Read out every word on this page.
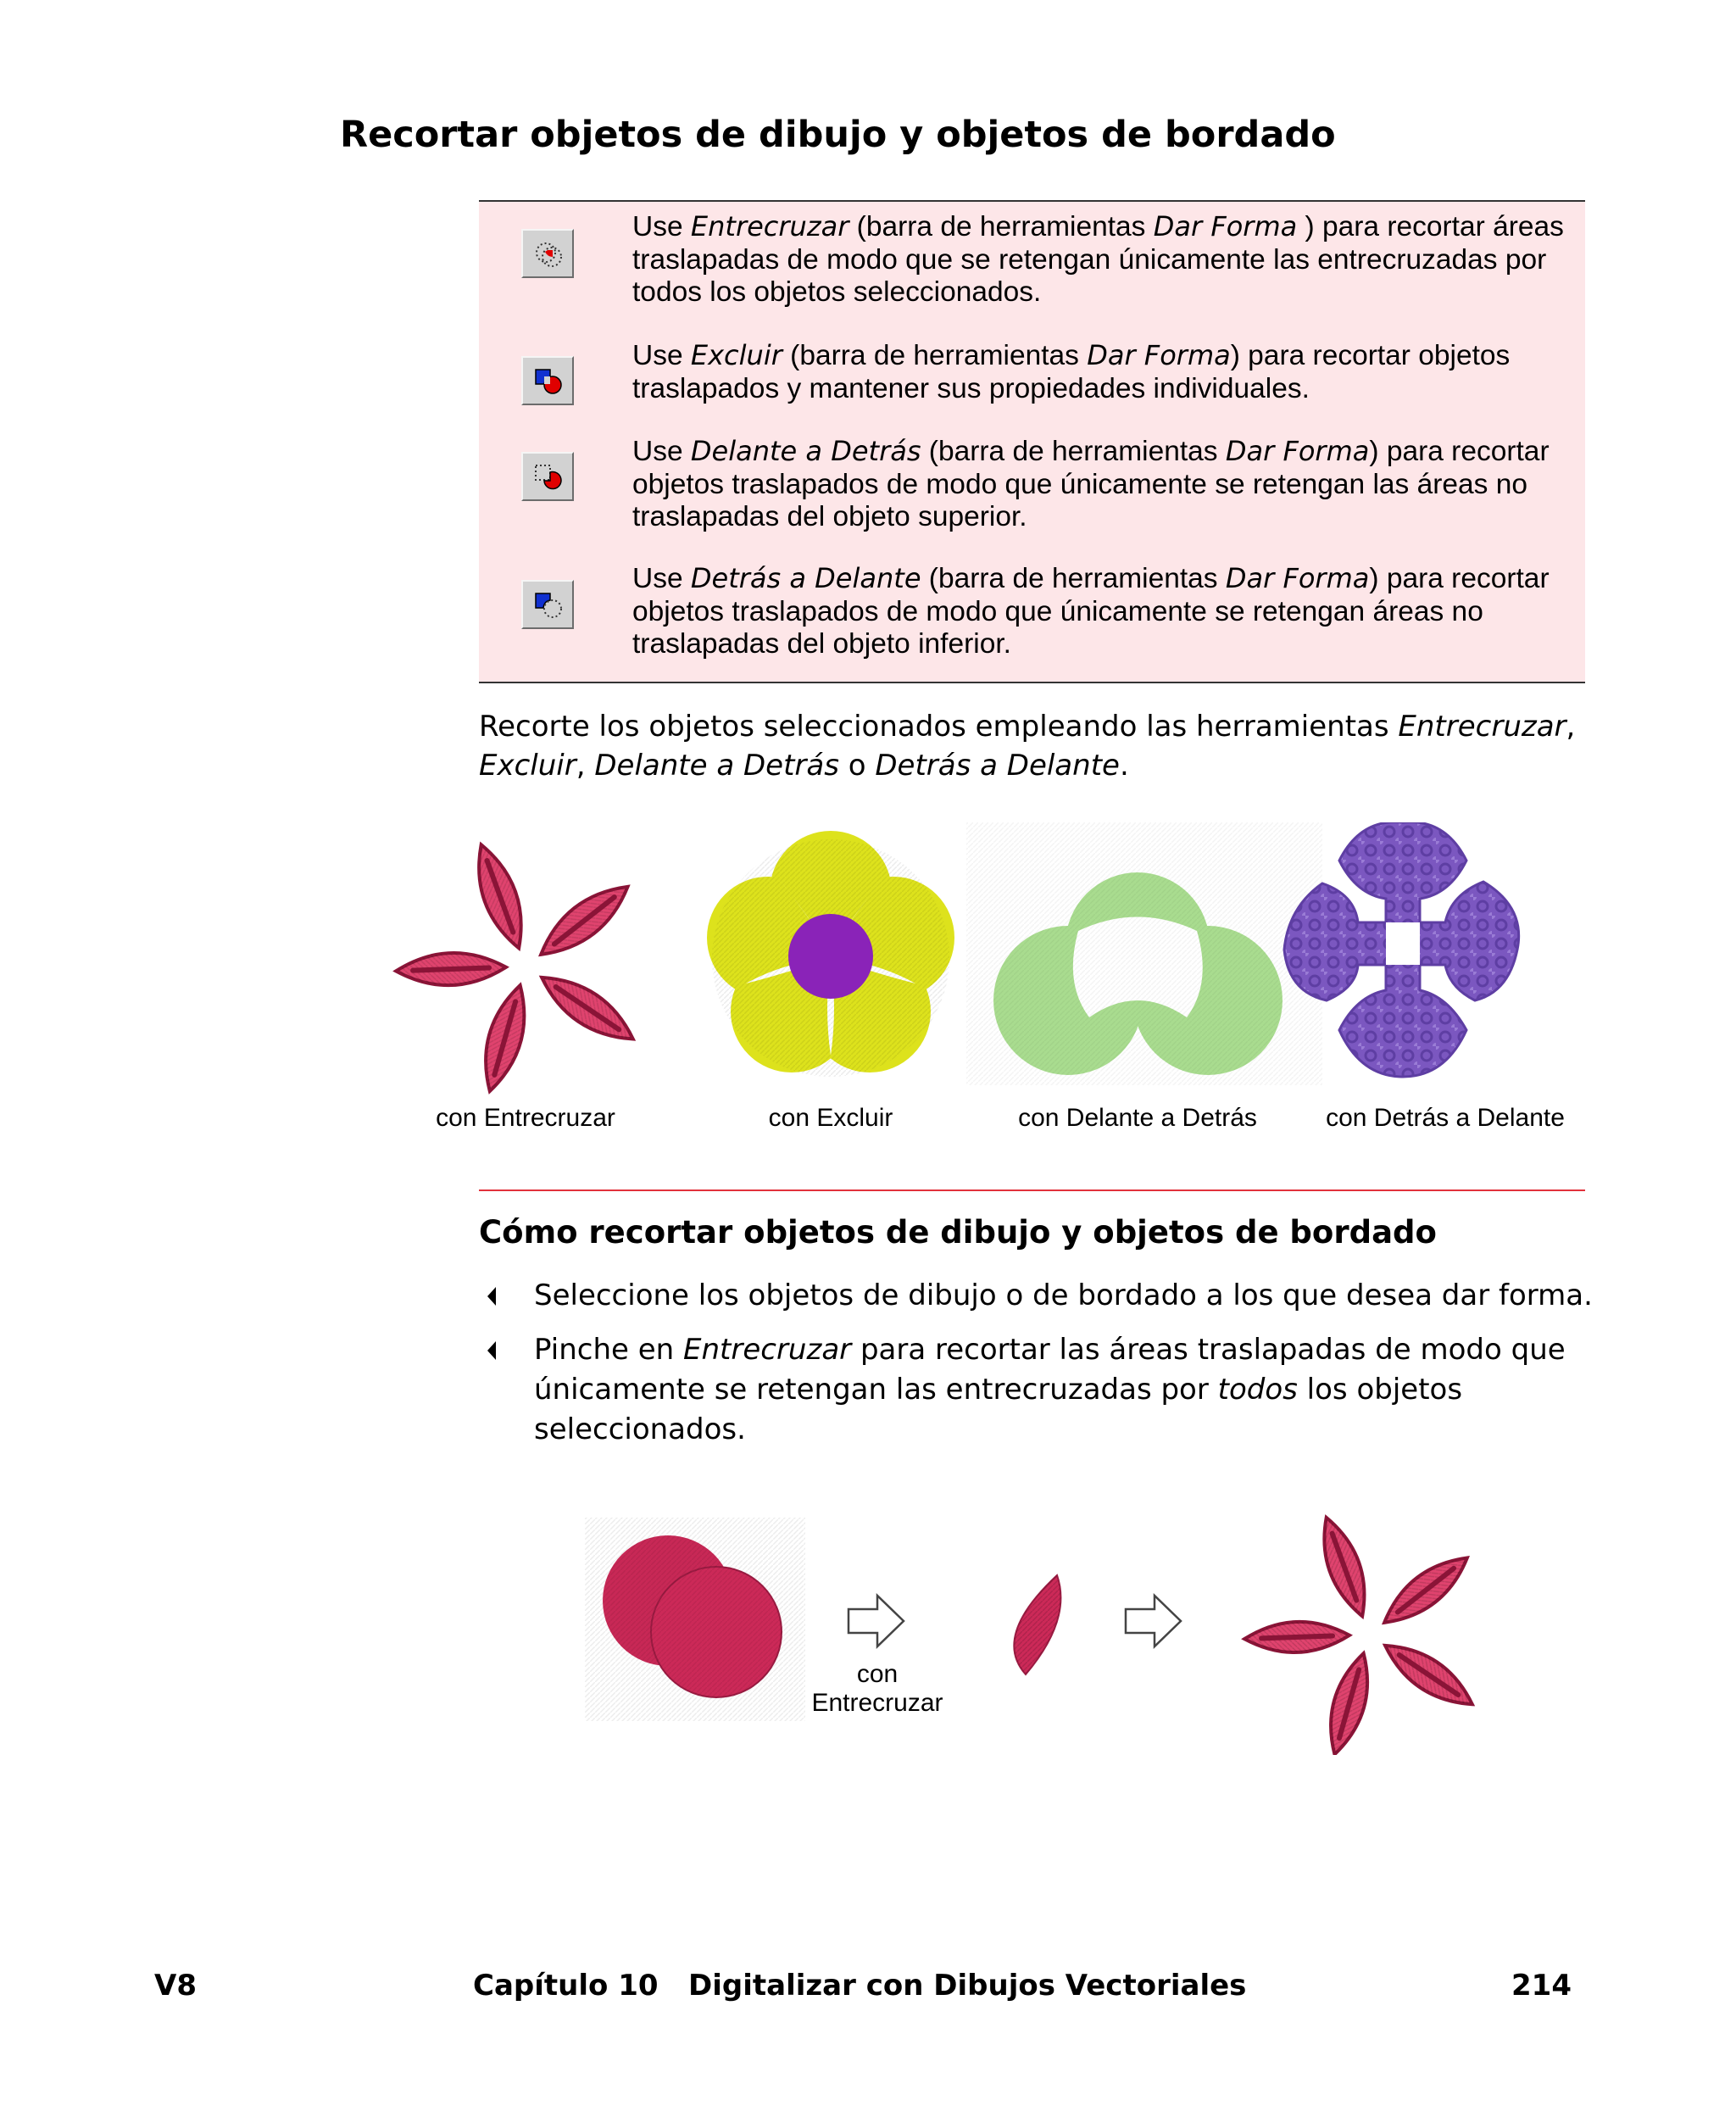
Recortar objetos de dibujo y objetos de bordado
Use Entrecruzar (barra de herramientas Dar Forma ) para recortar áreas traslapadas de modo que se retengan únicamente las entrecruzadas por todos los objetos seleccionados.
Use Excluir (barra de herramientas Dar Forma) para recortar objetos traslapados y mantener sus propiedades individuales.
Use Delante a Detrás (barra de herramientas Dar Forma) para recortar objetos traslapados de modo que únicamente se retengan las áreas no traslapadas del objeto superior.
Use Detrás a Delante (barra de herramientas Dar Forma) para recortar objetos traslapados de modo que únicamente se retengan áreas no traslapadas del objeto inferior.

Recorte los objetos seleccionados empleando las herramientas Entrecruzar, Excluir, Delante a Detrás o Detrás a Delante.

con Entrecruzar	con Excluir	con Delante a Detrás	con Detrás a Delante
Cómo recortar objetos de dibujo y objetos de bordado
Seleccione los objetos de dibujo o de bordado a los que desea dar forma.
Pinche en Entrecruzar para recortar las áreas traslapadas de modo que únicamente se retengan las entrecruzadas por todos los objetos seleccionados.
con
Entrecruzar
V8	Capítulo 10   Digitalizar con Dibujos Vectoriales	214
